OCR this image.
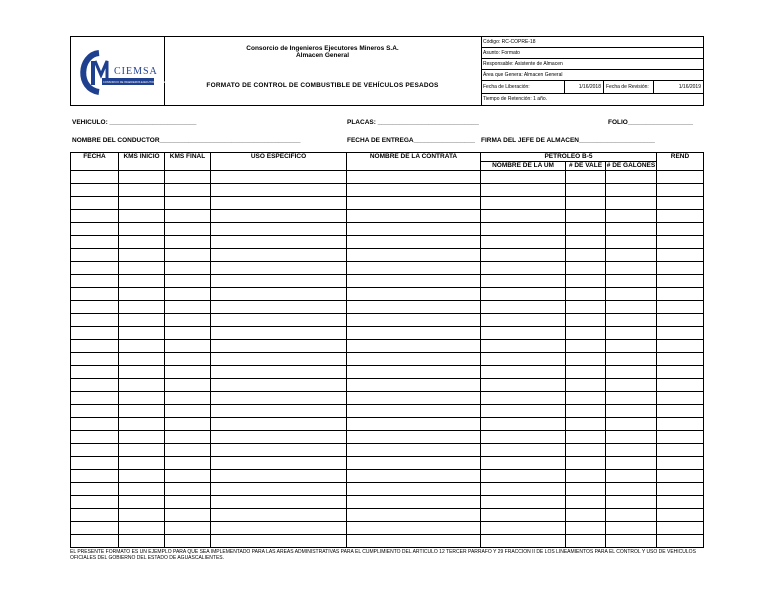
CIEMSA
CONSORCIO DE INGENIEROS EJECUTORES MINEROS S.A. DE C.V.
Consorcio de Ingenieros Ejecutores Mineros S.A.
Almacen General
FORMATO DE CONTROL DE COMBUSTIBLE DE VEHÍCULOS PESADOS
Código: RC-COPRE-18
Asunto: Formato
Responsable: Asistente de Almacen
Área que Genera: Almacen General
Fecha de Liberación:	1/16/2018 Fecha de Revisión:	1/16/2019
Tiempo de Retención: 1 año.
VEHICULO: ________________________	PLACAS: ____________________________	FOLIO__________________
NOMBRE DEL CONDUCTOR_______________________________________	FECHA DE ENTREGA_________________ FIRMA DEL JEFE DE ALMACEN_____________________
FECHA	KMS INICIO	KMS FINAL	USO ESPECIFICO	NOMBRE DE LA CONTRATA	PETROLEO B-5			REND
					NOMBRE DE LA UM	# DE VALE	# DE GALONES	

EL PRESENTE FORMATO ES UN EJEMPLO PARA QUE SEA IMPLEMENTADO PARA LAS AREAS ADMINISTRATIVAS PARA EL CUMPLIMIENTO DEL ARTICULO 12 TERCER PARRAFO Y 29 FRACCION II DE LOS LINEAMIENTOS PARA EL CONTROL Y USO DE VEHICULOS OFICIALES DEL GOBIERNO DEL ESTADO DE AGUASCALIENTES.
